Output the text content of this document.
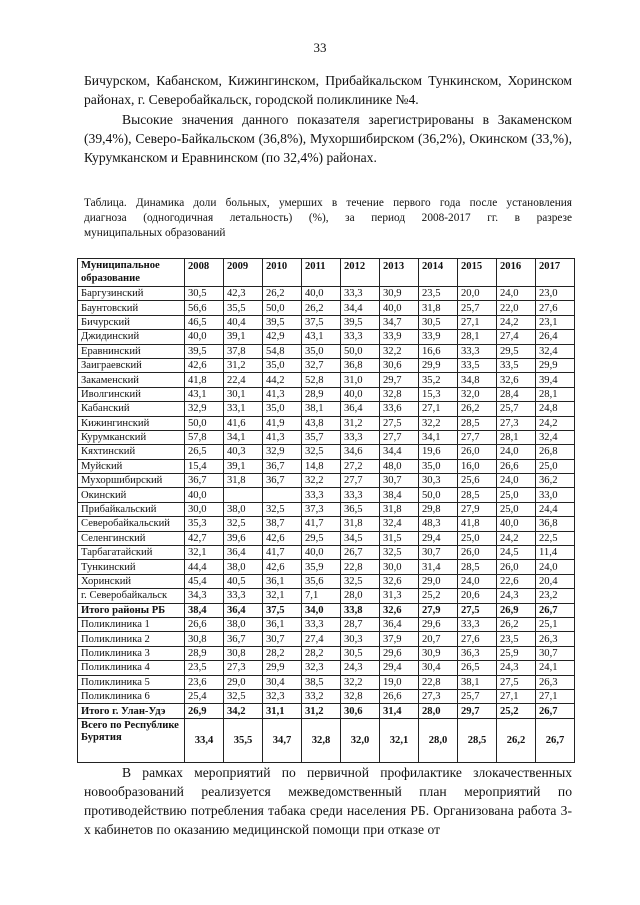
33

Бичурском, Кабанском, Кижингинском, Прибайкальском Тункинском, Хоринском районах, г. Северобайкальск, городской поликлинике №4.

Высокие значения данного показателя зарегистрированы в Закаменском (39,4%), Северо-Байкальском (36,8%), Мухоршибирском (36,2%), Окинском (33,%), Курумканском и Еравнинском (по 32,4%) районах.

Таблица. Динамика доли больных, умерших в течение первого года после установления
диагноза (одногодичная летальность) (%), за период 2008-2017 гг. в разрезе
муниципальных образований
Муниципальное образование	2008	2009	2010	2011	2012	2013	2014	2015	2016	2017
Баргузинский	30,5	42,3	26,2	40,0	33,3	30,9	23,5	20,0	24,0	23,0
Баунтовский	56,6	35,5	50,0	26,2	34,4	40,0	31,8	25,7	22,0	27,6
Бичурский	46,5	40,4	39,5	37,5	39,5	34,7	30,5	27,1	24,2	23,1
Джидинский	40,0	39,1	42,9	43,1	33,3	33,9	33,9	28,1	27,4	26,4
Еравнинский	39,5	37,8	54,8	35,0	50,0	32,2	16,6	33,3	29,5	32,4
Заиграевский	42,6	31,2	35,0	32,7	36,8	30,6	29,9	33,5	33,5	29,9
Закаменский	41,8	22,4	44,2	52,8	31,0	29,7	35,2	34,8	32,6	39,4
Иволгинский	43,1	30,1	41,3	28,9	40,0	32,8	15,3	32,0	28,4	28,1
Кабанский	32,9	33,1	35,0	38,1	36,4	33,6	27,1	26,2	25,7	24,8
Кижингинский	50,0	41,6	41,9	43,8	31,2	27,5	32,2	28,5	27,3	24,2
Курумканский	57,8	34,1	41,3	35,7	33,3	27,7	34,1	27,7	28,1	32,4
Кяхтинский	26,5	40,3	32,9	32,5	34,6	34,4	19,6	26,0	24,0	26,8
Муйский	15,4	39,1	36,7	14,8	27,2	48,0	35,0	16,0	26,6	25,0
Мухоршибирский	36,7	31,8	36,7	32,2	27,7	30,7	30,3	25,6	24,0	36,2
Окинский	40,0			33,3	33,3	38,4	50,0	28,5	25,0	33,0
Прибайкальский	30,0	38,0	32,5	37,3	36,5	31,8	29,8	27,9	25,0	24,4
Северобайкальский	35,3	32,5	38,7	41,7	31,8	32,4	48,3	41,8	40,0	36,8
Селенгинский	42,7	39,6	42,6	29,5	34,5	31,5	29,4	25,0	24,2	22,5
Тарбагатайский	32,1	36,4	41,7	40,0	26,7	32,5	30,7	26,0	24,5	11,4
Тункинский	44,4	38,0	42,6	35,9	22,8	30,0	31,4	28,5	26,0	24,0
Хоринский	45,4	40,5	36,1	35,6	32,5	32,6	29,0	24,0	22,6	20,4
г. Северобайкальск	34,3	33,3	32,1	7,1	28,0	31,3	25,2	20,6	24,3	23,2
Итого районы РБ	38,4	36,4	37,5	34,0	33,8	32,6	27,9	27,5	26,9	26,7
Поликлиника 1	26,6	38,0	36,1	33,3	28,7	36,4	29,6	33,3	26,2	25,1
Поликлиника 2	30,8	36,7	30,7	27,4	30,3	37,9	20,7	27,6	23,5	26,3
Поликлиника 3	28,9	30,8	28,2	28,2	30,5	29,6	30,9	36,3	25,9	30,7
Поликлиника 4	23,5	27,3	29,9	32,3	24,3	29,4	30,4	26,5	24,3	24,1
Поликлиника 5	23,6	29,0	30,4	38,5	32,2	19,0	22,8	38,1	27,5	26,3
Поликлиника 6	25,4	32,5	32,3	33,2	32,8	26,6	27,3	25,7	27,1	27,1
Итого г. Улан-Удэ	26,9	34,2	31,1	31,2	30,6	31,4	28,0	29,7	25,2	26,7
Всего по Республике Бурятия	33,4	35,5	34,7	32,8	32,0	32,1	28,0	28,5	26,2	26,7

В рамках мероприятий по первичной профилактике злокачественных новообразований реализуется межведомственный план мероприятий по противодействию потребления табака среди населения РБ. Организована работа 3-х кабинетов по оказанию медицинской помощи при отказе от
